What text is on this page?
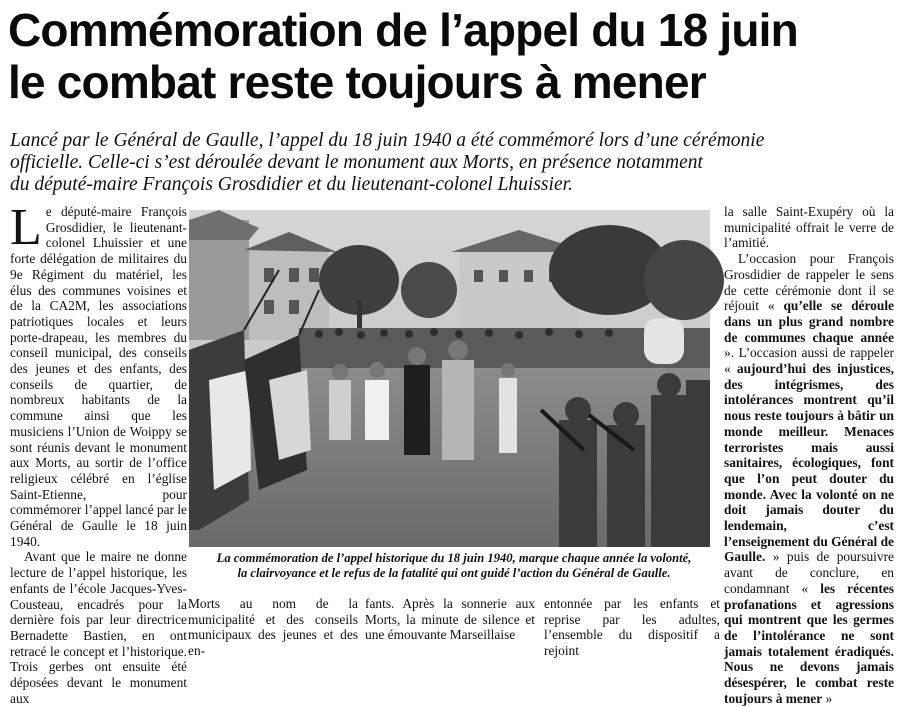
Commémoration de l’appel du 18 juin
le combat reste toujours à mener

Lancé par le Général de Gaulle, l’appel du 18 juin 1940 a été commémoré lors d’une cérémonie
officielle. Celle-ci s’est déroulée devant le monument aux Morts, en présence notamment
du député-maire François Grosdidier et du lieutenant-colonel Lhuissier.

Le député-maire François Grosdidier, le lieutenant-colonel Lhuissier et une forte délégation de militaires du 9e Régiment du matériel, les élus des communes voisines et de la CA2M, les associations patriotiques locales et leurs porte-drapeau, les membres du conseil municipal, des conseils des jeunes et des enfants, des conseils de quartier, de nombreux habitants de la commune ainsi que les musiciens l’Union de Woippy se sont réunis devant le monument aux Morts, au sortir de l’office religieux célébré en l’église Saint-Etienne, pour commémorer l’appel lancé par le Général de Gaulle le 18 juin 1940.

Avant que le maire ne donne lecture de l’appel historique, les enfants de l’école Jacques-Yves-Cousteau, encadrés pour la dernière fois par leur directrice Bernadette Bastien, en ont retracé le concept et l’historique. Trois gerbes ont ensuite été déposées devant le monument aux

La commémoration de l’appel historique du 18 juin 1940, marque chaque année la volonté,
la clairvoyance et le refus de la fatalité qui ont guidé l’action du Général de Gaulle.

Morts au nom de la municipalité et des conseils municipaux des jeunes et des en-

fants. Après la sonnerie aux Morts, la minute de silence et une émouvante Marseillaise

entonnée par les enfants et reprise par les adultes, l’ensemble du dispositif a rejoint

la salle Saint-Exupéry où la municipalité offrait le verre de l’amitié.

L’occasion pour François Grosdidier de rappeler le sens de cette cérémonie dont il se réjouit « qu’elle se déroule dans un plus grand nombre de communes chaque année ». L’occasion aussi de rappeler « aujourd’hui des injustices, des intégrismes, des intolérances montrent qu’il nous reste toujours à bâtir un monde meilleur. Menaces terroristes mais aussi sanitaires, écologiques, font que l’on peut douter du monde. Avec la volonté on ne doit jamais douter du lendemain, c’est l’enseignement du Général de Gaulle. » puis de poursuivre avant de conclure, en condamnant « les récentes profanations et agressions qui montrent que les germes de l’intolérance ne sont jamais totalement éradiqués. Nous ne devons jamais désespérer, le combat reste toujours à mener »
